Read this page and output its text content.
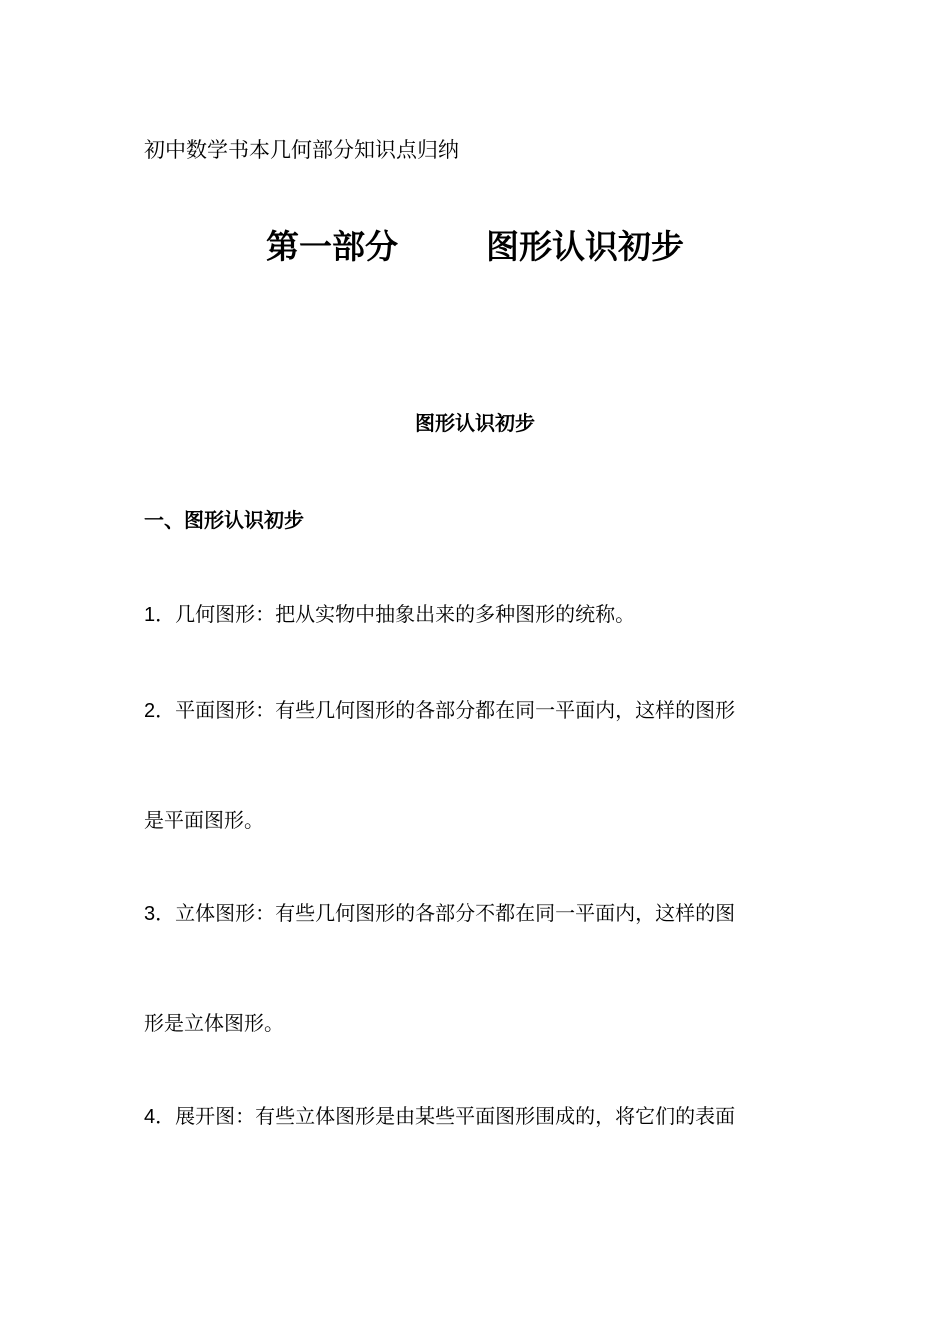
初中数学书本几何部分知识点归纳
第一部分	图形认识初步
图形认识初步
一、图形认识初步
1．几何图形：把从实物中抽象出来的多种图形的统称。
2．平面图形：有些几何图形的各部分都在同一平面内，这样的图形
是平面图形。
3．立体图形：有些几何图形的各部分不都在同一平面内，这样的图
形是立体图形。
4．展开图：有些立体图形是由某些平面图形围成的，将它们的表面
